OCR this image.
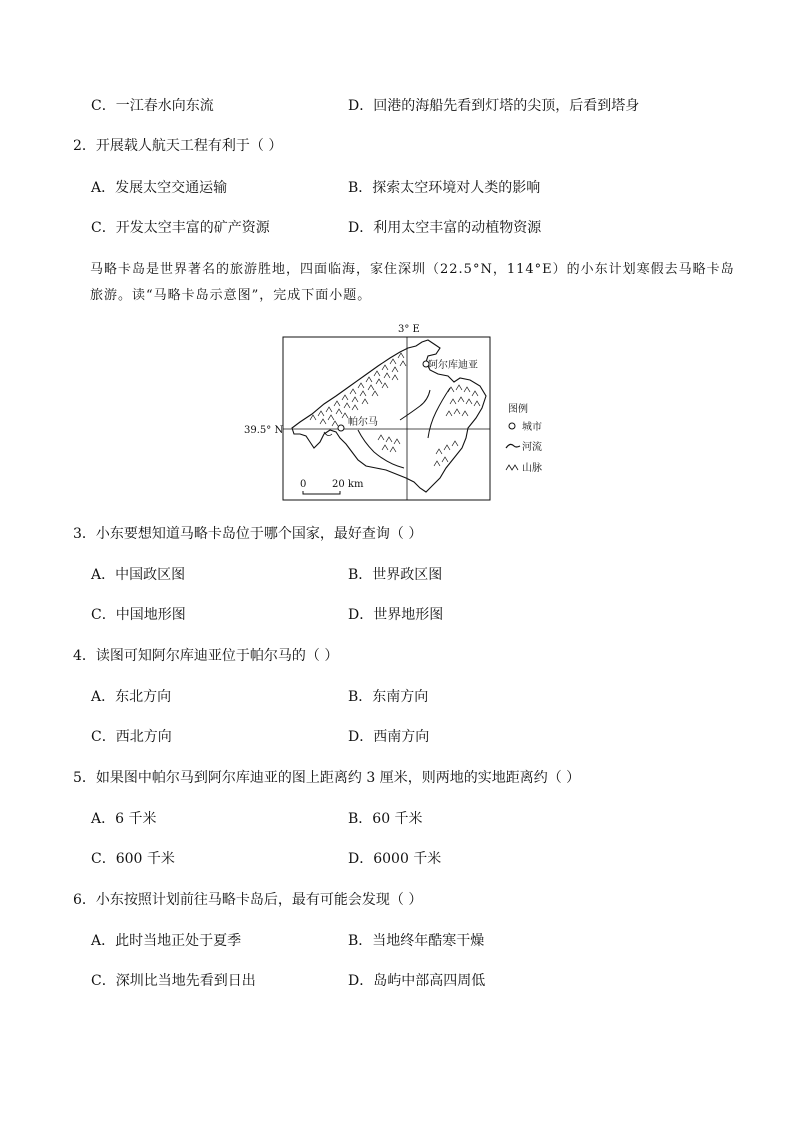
C．一江春水向东流	D．回港的海船先看到灯塔的尖顶，后看到塔身
2．开展载人航天工程有利于（ ）
A．发展太空交通运输	B．探索太空环境对人类的影响
C．开发太空丰富的矿产资源	D．利用太空丰富的动植物资源
马略卡岛是世界著名的旅游胜地，四面临海，家住深圳（22.5°N，114°E）的小东计划寒假去马略卡岛
旅游。读“马略卡岛示意图”，完成下面小题。
3° E
39.5° N
阿尔库迪亚
帕尔马
0	20 km
图例
城市
河流
山脉
3．小东要想知道马略卡岛位于哪个国家，最好查询（ ）
A．中国政区图	B．世界政区图
C．中国地形图	D．世界地形图
4．读图可知阿尔库迪亚位于帕尔马的（ ）
A．东北方向	B．东南方向
C．西北方向	D．西南方向
5．如果图中帕尔马到阿尔库迪亚的图上距离约 3 厘米，则两地的实地距离约（ ）
A．6 千米	B．60 千米
C．600 千米	D．6000 千米
6．小东按照计划前往马略卡岛后，最有可能会发现（ ）
A．此时当地正处于夏季	B．当地终年酷寒干燥
C．深圳比当地先看到日出	D．岛屿中部高四周低
